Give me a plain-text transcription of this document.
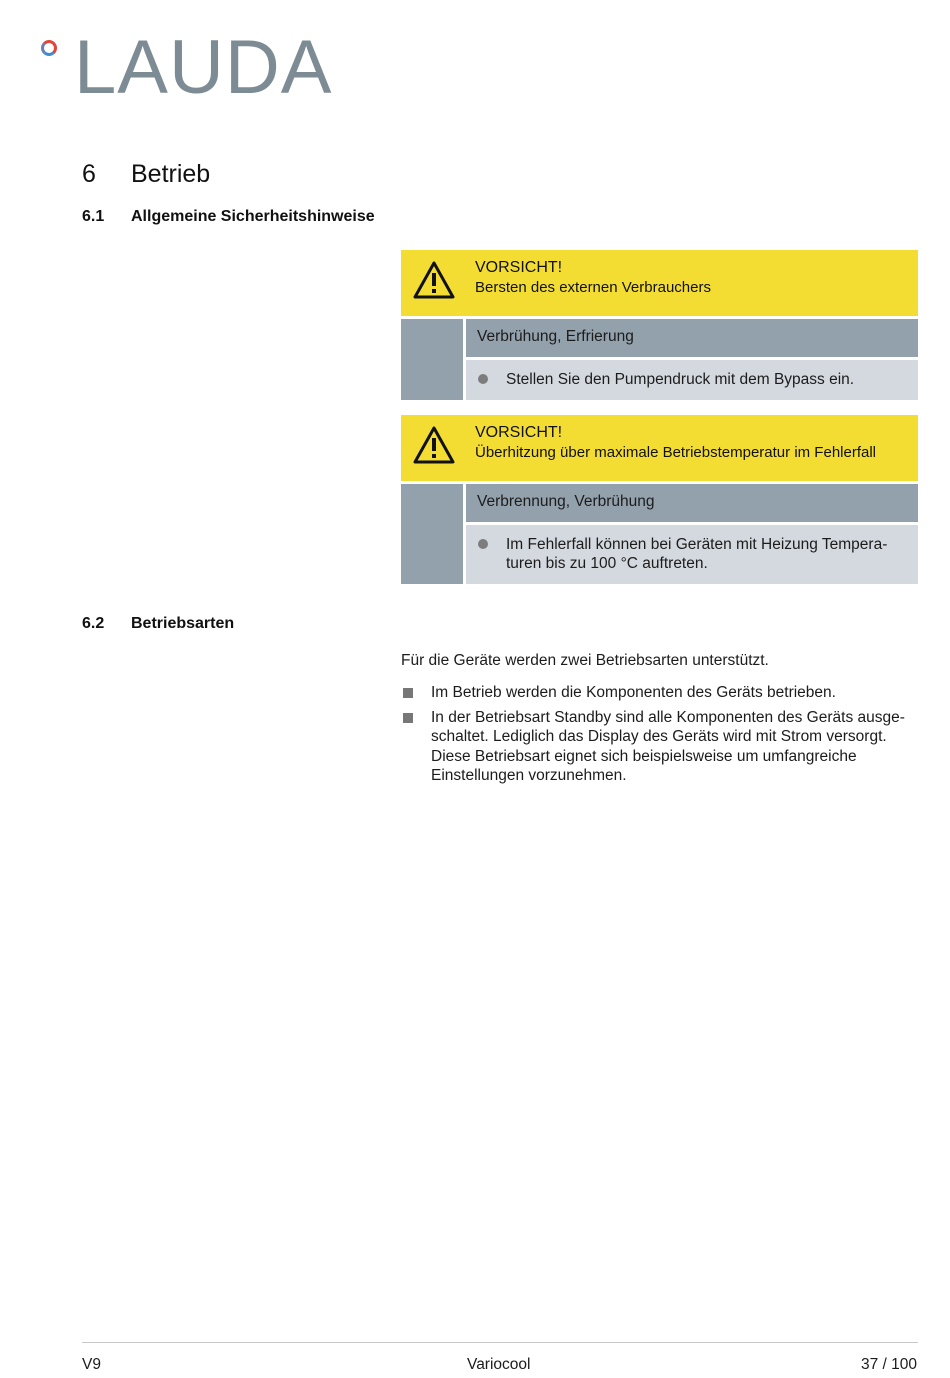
LAUDA
6 Betrieb
6.1 Allgemeine Sicherheitshinweise
VORSICHT!
Bersten des externen Verbrauchers
Verbrühung, Erfrierung
Stellen Sie den Pumpendruck mit dem Bypass ein.
VORSICHT!
Überhitzung über maximale Betriebstemperatur im Fehlerfall
Verbrennung, Verbrühung
Im Fehlerfall können bei Geräten mit Heizung Tempera-turen bis zu 100 °C auftreten.
6.2 Betriebsarten
Für die Geräte werden zwei Betriebsarten unterstützt.
Im Betrieb werden die Komponenten des Geräts betrieben.
In der Betriebsart Standby sind alle Komponenten des Geräts ausge-schaltet. Lediglich das Display des Geräts wird mit Strom versorgt. Diese Betriebsart eignet sich beispielsweise um umfangreiche Einstellungen vorzunehmen.
V9	Variocool	37 / 100
